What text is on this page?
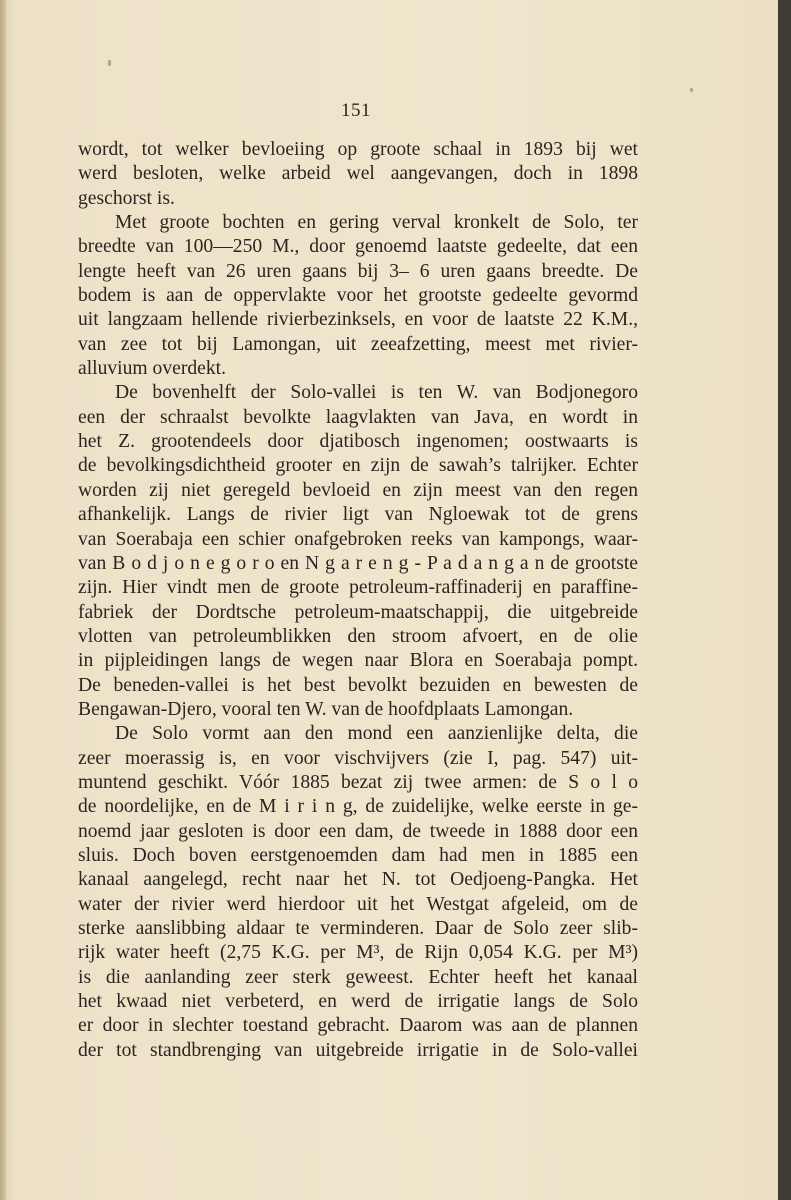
151
wordt, tot welker bevloeiing op groote schaal in 1893 bij wet
werd besloten, welke arbeid wel aangevangen, doch in 1898
geschorst is.
Met groote bochten en gering verval kronkelt de Solo, ter
breedte van 100—250 M., door genoemd laatste gedeelte, dat een
lengte heeft van 26 uren gaans bij 3– 6 uren gaans breedte. De
bodem is aan de oppervlakte voor het grootste gedeelte gevormd
uit langzaam hellende rivierbezinksels, en voor de laatste 22 K.M.,
van zee tot bij Lamongan, uit zeeafzetting, meest met rivier-
alluvium overdekt.
De bovenhelft der Solo-vallei is ten W. van Bodjonegoro
een der schraalst bevolkte laagvlakten van Java, en wordt in
het Z. grootendeels door djatibosch ingenomen; oostwaarts is
de bevolkingsdichtheid grooter en zijn de sawah’s talrijker. Echter
worden zij niet geregeld bevloeid en zijn meest van den regen
afhankelijk. Langs de rivier ligt van Ngloewak tot de grens
van Soerabaja een schier onafgebroken reeks van kampongs, waar-
van B o d j o n e g o r o en N g a r e n g - P a d a n g a n de grootste
zijn. Hier vindt men de groote petroleum-raffinaderij en paraffine-
fabriek der Dordtsche petroleum-maatschappij, die uitgebreide
vlotten van petroleumblikken den stroom afvoert, en de olie
in pijpleidingen langs de wegen naar Blora en Soerabaja pompt.
De beneden-vallei is het best bevolkt bezuiden en bewesten de
Bengawan-Djero, vooral ten W. van de hoofdplaats Lamongan.
De Solo vormt aan den mond een aanzienlijke delta, die
zeer moerassig is, en voor vischvijvers (zie I, pag. 547) uit-
muntend geschikt. Vóór 1885 bezat zij twee armen: de S o l o
de noordelijke, en de M i r i n g, de zuidelijke, welke eerste in ge-
noemd jaar gesloten is door een dam, de tweede in 1888 door een
sluis. Doch boven eerstgenoemden dam had men in 1885 een
kanaal aangelegd, recht naar het N. tot Oedjoeng-Pangka. Het
water der rivier werd hierdoor uit het Westgat afgeleid, om de
sterke aanslibbing aldaar te verminderen. Daar de Solo zeer slib-
rijk water heeft (2,75 K.G. per M³, de Rijn 0,054 K.G. per M³)
is die aanlanding zeer sterk geweest. Echter heeft het kanaal
het kwaad niet verbeterd, en werd de irrigatie langs de Solo
er door in slechter toestand gebracht. Daarom was aan de plannen
der tot standbrenging van uitgebreide irrigatie in de Solo-vallei
